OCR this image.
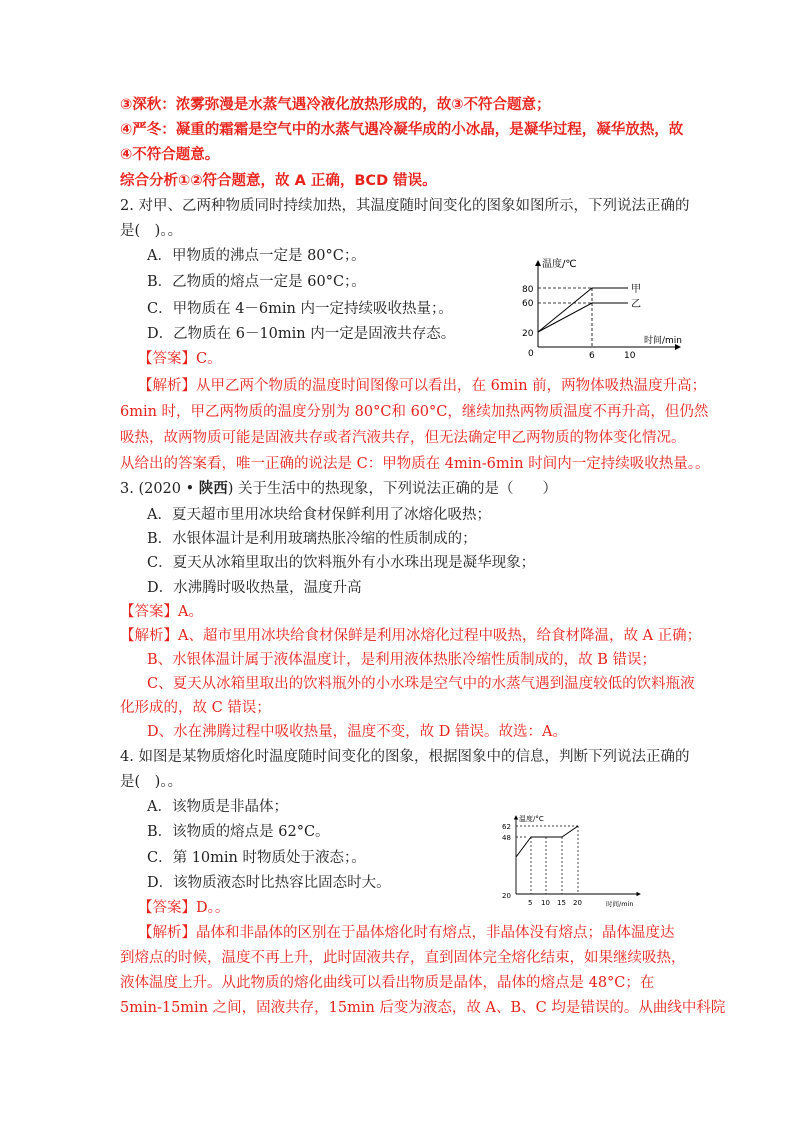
③深秋：浓雾弥漫是水蒸气遇冷液化放热形成的，故③不符合题意；
④严冬：凝重的霜霜是空气中的水蒸气遇冷凝华成的小冰晶，是凝华过程，凝华放热，故
④不符合题意。
综合分析①②符合题意，故 A 正确，BCD 错误。
2. 对甲、乙两种物质同时持续加热，其温度随时间变化的图象如图所示，下列说法正确的
是(　)。。
A．甲物质的沸点一定是 80°C；。
B．乙物质的熔点一定是 60°C；。
C．甲物质在 4－6min 内一定持续吸收热量；。
D．乙物质在 6－10min 内一定是固液共存态。
【答案】C。
【解析】从甲乙两个物质的温度时间图像可以看出，在 6min 前，两物体吸热温度升高；
6min 时，甲乙两物质的温度分别为 80°C和 60°C，继续加热两物质温度不再升高，但仍然
吸热，故两物质可能是固液共存或者汽液共存，但无法确定甲乙两物质的物体变化情况。
从给出的答案看，唯一正确的说法是 C：甲物质在 4min-6min 时间内一定持续吸收热量。。
温度/℃
时间/min
80
60
20
0	6	10
甲
乙
3. (2020 • 陕西) 关于生活中的热现象，下列说法正确的是（　　）
A．夏天超市里用冰块给食材保鲜利用了冰熔化吸热；
B．水银体温计是利用玻璃热胀冷缩的性质制成的；
C．夏天从冰箱里取出的饮料瓶外有小水珠出现是凝华现象；
D．水沸腾时吸收热量，温度升高
【答案】A。
【解析】A、超市里用冰块给食材保鲜是利用冰熔化过程中吸热，给食材降温，故 A 正确；
B、水银体温计属于液体温度计，是利用液体热胀冷缩性质制成的，故 B 错误；
C、夏天从冰箱里取出的饮料瓶外的小水珠是空气中的水蒸气遇到温度较低的饮料瓶液
化形成的，故 C 错误；
D、水在沸腾过程中吸收热量，温度不变，故 D 错误。故选：A。
4. 如图是某物质熔化时温度随时间变化的图象，根据图象中的信息，判断下列说法正确的
是(　)。。
A．该物质是非晶体；
B．该物质的熔点是 62°C。
C．第 10min 时物质处于液态；。
D．该物质液态时比热容比固态时大。
【答案】D。。
【解析】晶体和非晶体的区别在于晶体熔化时有熔点，非晶体没有熔点；晶体温度达
到熔点的时候，温度不再上升，此时固液共存，直到固体完全熔化结束，如果继续吸热，
液体温度上升。从此物质的熔化曲线可以看出物质是晶体，晶体的熔点是 48°C；在
5min-15min 之间，固液共存，15min 后变为液态，故 A、B、C 均是错误的。从曲线中科院
温度/°C
时间/min
62
48
20
5 10 15 20
